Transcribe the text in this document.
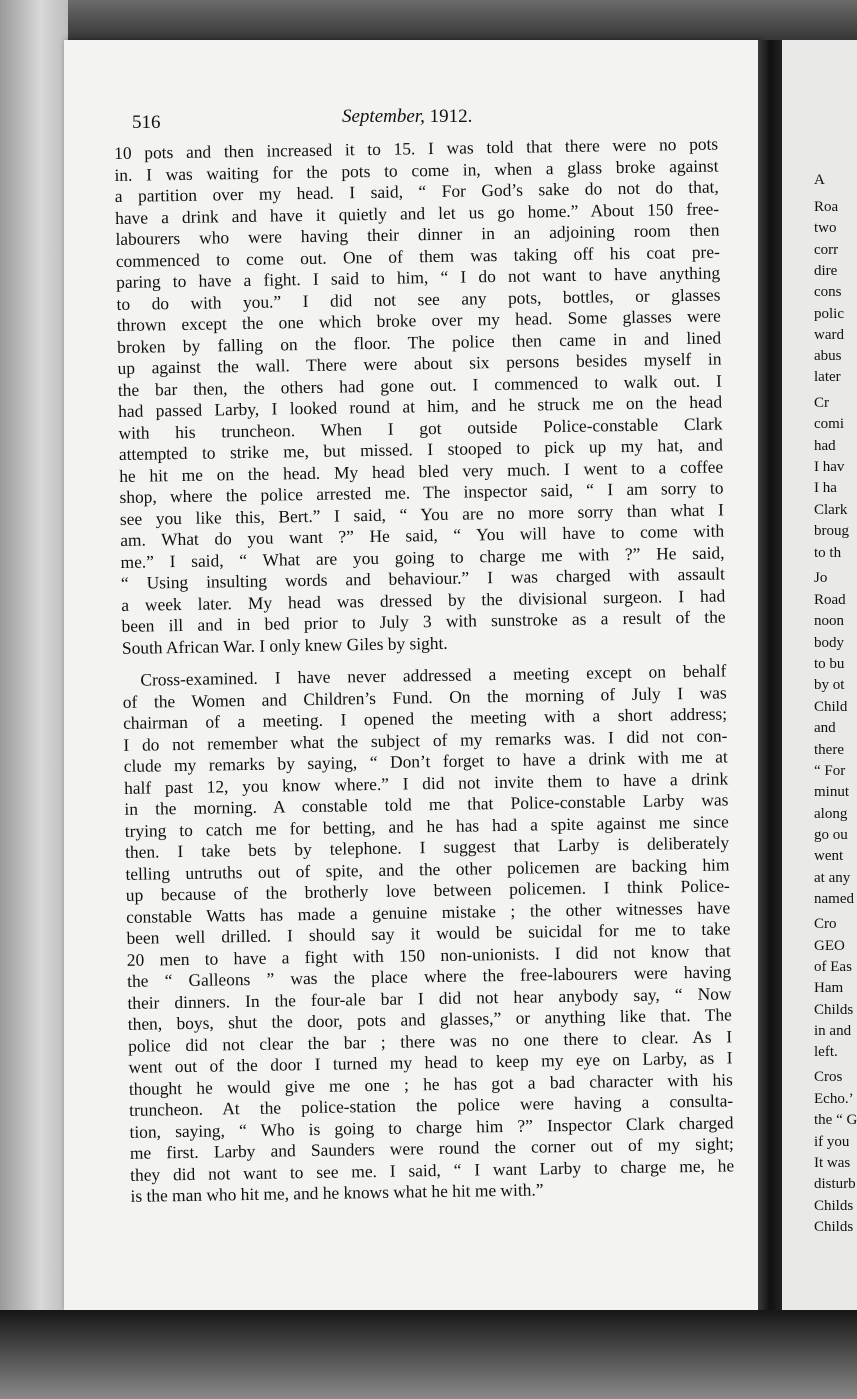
A
Roa
two
corr
dire
cons
polic
ward
abus
later
Cr
comi
had
I hav
I ha
Clark
broug
to th
Jo
Road
noon
body
to bu
by ot
Child
and
there
“ For
minut
along
go ou
went
at any
named
Cro
GEO
of Eas
Ham
Childs
in and
left.
Cros
Echo.’
the “ G
if you
It was
disturb
Childs
Childs
516	September, 1912.
10 pots and then increased it to 15. I was told that there were no pots
in. I was waiting for the pots to come in, when a glass broke against
a partition over my head. I said, “ For God’s sake do not do that,
have a drink and have it quietly and let us go home.” About 150 free-
labourers who were having their dinner in an adjoining room then
commenced to come out. One of them was taking off his coat pre-
paring to have a fight. I said to him, “ I do not want to have anything
to do with you.” I did not see any pots, bottles, or glasses
thrown except the one which broke over my head. Some glasses were
broken by falling on the floor. The police then came in and lined
up against the wall. There were about six persons besides myself in
the bar then, the others had gone out. I commenced to walk out. I
had passed Larby, I looked round at him, and he struck me on the head
with his truncheon. When I got outside Police-constable Clark
attempted to strike me, but missed. I stooped to pick up my hat, and
he hit me on the head. My head bled very much. I went to a coffee
shop, where the police arrested me. The inspector said, “ I am sorry to
see you like this, Bert.” I said, “ You are no more sorry than what I
am. What do you want ?” He said, “ You will have to come with
me.” I said, “ What are you going to charge me with ?” He said,
“ Using insulting words and behaviour.” I was charged with assault
a week later. My head was dressed by the divisional surgeon. I had
been ill and in bed prior to July 3 with sunstroke as a result of the
South African War. I only knew Giles by sight.
Cross-examined. I have never addressed a meeting except on behalf
of the Women and Children’s Fund. On the morning of July I was
chairman of a meeting. I opened the meeting with a short address;
I do not remember what the subject of my remarks was. I did not con-
clude my remarks by saying, “ Don’t forget to have a drink with me at
half past 12, you know where.” I did not invite them to have a drink
in the morning. A constable told me that Police-constable Larby was
trying to catch me for betting, and he has had a spite against me since
then. I take bets by telephone. I suggest that Larby is deliberately
telling untruths out of spite, and the other policemen are backing him
up because of the brotherly love between policemen. I think Police-
constable Watts has made a genuine mistake ; the other witnesses have
been well drilled. I should say it would be suicidal for me to take
20 men to have a fight with 150 non-unionists. I did not know that
the “ Galleons ” was the place where the free-labourers were having
their dinners. In the four-ale bar I did not hear anybody say, “ Now
then, boys, shut the door, pots and glasses,” or anything like that. The
police did not clear the bar ; there was no one there to clear. As I
went out of the door I turned my head to keep my eye on Larby, as I
thought he would give me one ; he has got a bad character with his
truncheon. At the police-station the police were having a consulta-
tion, saying, “ Who is going to charge him ?” Inspector Clark charged
me first. Larby and Saunders were round the corner out of my sight;
they did not want to see me. I said, “ I want Larby to charge me, he
is the man who hit me, and he knows what he hit me with.”
